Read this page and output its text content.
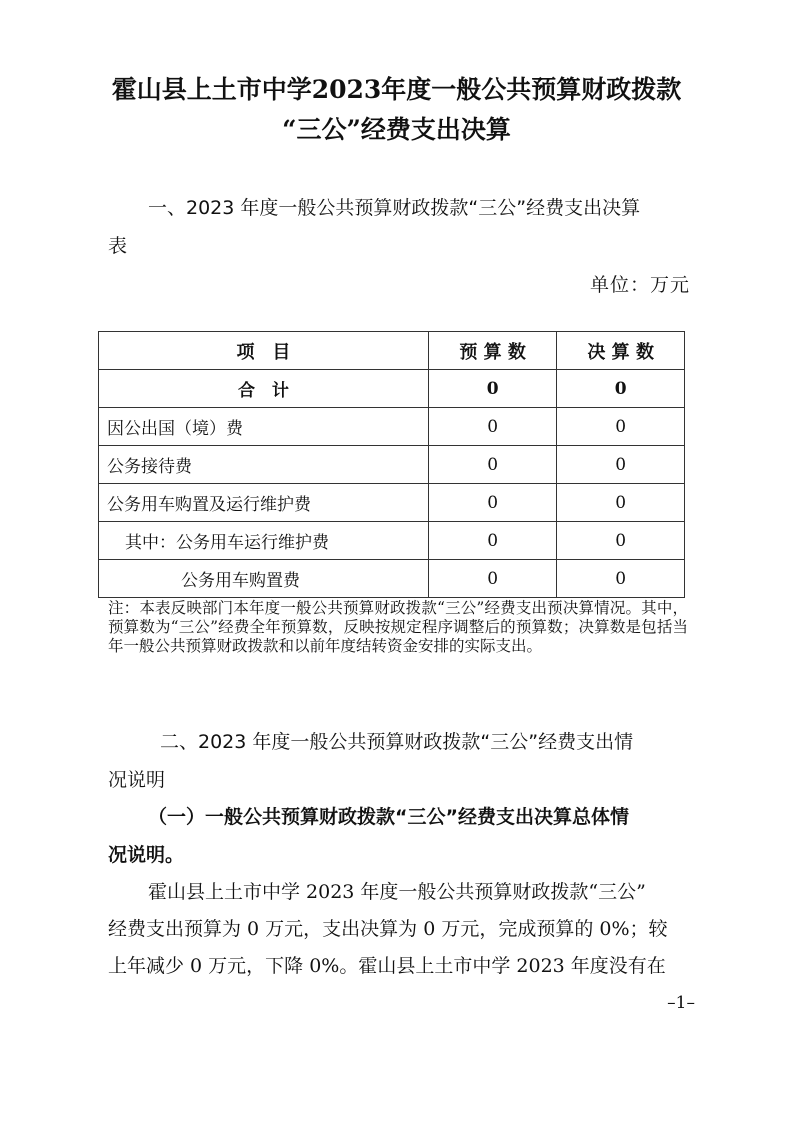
霍山县上土市中学2023年度一般公共预算财政拨款
“三公”经费支出决算
一、2023 年度一般公共预算财政拨款“三公”经费支出决算
表
单位：万元
项　目	预 算 数	决 算 数
合　计	0	0
因公出国（境）费	0	0
公务接待费	0	0
公务用车购置及运行维护费	0	0
其中：公务用车运行维护费	0	0
公务用车购置费	0	0
注：本表反映部门本年度一般公共预算财政拨款“三公”经费支出预决算情况。其中，预算数为“三公”经费全年预算数，反映按规定程序调整后的预算数；决算数是包括当年一般公共预算财政拨款和以前年度结转资金安排的实际支出。
二、2023 年度一般公共预算财政拨款“三公”经费支出情
况说明
（一）一般公共预算财政拨款“三公”经费支出决算总体情
况说明。
霍山县上土市中学 2023 年度一般公共预算财政拨款“三公”
经费支出预算为 0 万元，支出决算为 0 万元，完成预算的 0%；较
上年减少 0 万元，下降 0%。霍山县上土市中学 2023 年度没有在
–1–
